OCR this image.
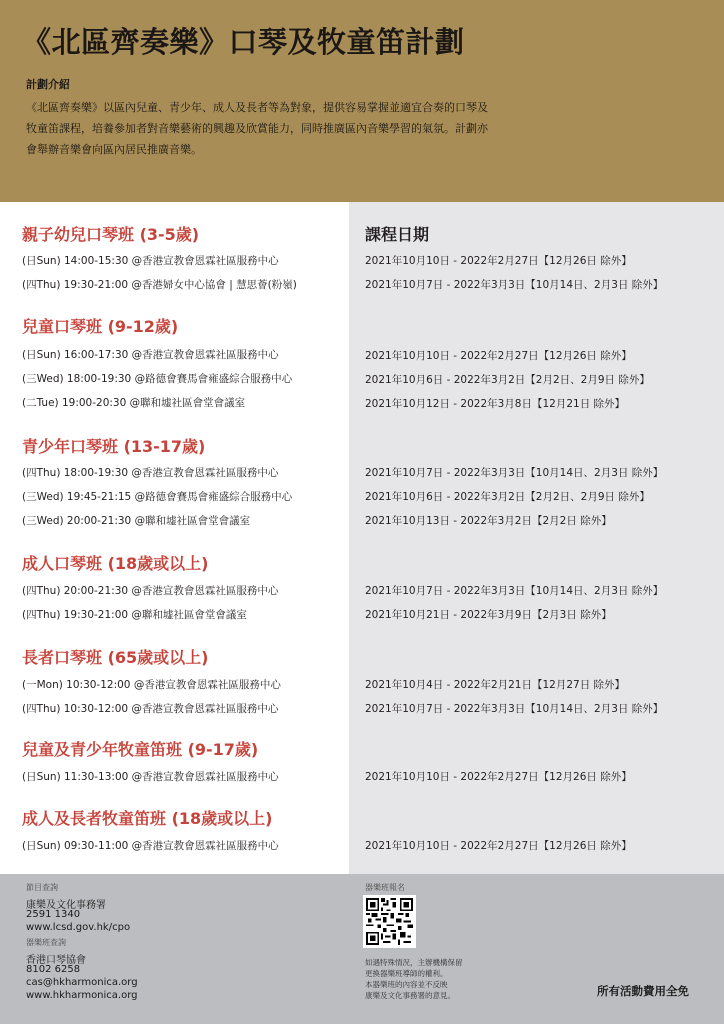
《北區齊奏樂》口琴及牧童笛計劃
計劃介紹
《北區齊奏樂》以區內兒童、青少年、成人及長者等為對象，提供容易掌握並適宜合奏的口琴及牧童笛課程，培養參加者對音樂藝術的興趣及欣賞能力，同時推廣區內音樂學習的氣氛。計劃亦會舉辦音樂會向區內居民推廣音樂。
課程日期
親子幼兒口琴班 (3-5歲)
(日Sun) 14:00-15:30 @香港宣教會恩霖社區服務中心	2021年10月10日 - 2022年2月27日【12月26日 除外】
(四Thu) 19:30-21:00 @香港婦女中心協會 | 慧思薈(粉嶺)	2021年10月7日 - 2022年3月3日【10月14日、2月3日 除外】
兒童口琴班 (9-12歲)
(日Sun) 16:00-17:30 @香港宣教會恩霖社區服務中心	2021年10月10日 - 2022年2月27日【12月26日 除外】
(三Wed) 18:00-19:30 @路德會賽馬會雍盛綜合服務中心	2021年10月6日 - 2022年3月2日【2月2日、2月9日 除外】
(二Tue) 19:00-20:30 @聯和墟社區會堂會議室	2021年10月12日 - 2022年3月8日【12月21日 除外】
青少年口琴班 (13-17歲)
(四Thu) 18:00-19:30 @香港宣教會恩霖社區服務中心	2021年10月7日 - 2022年3月3日【10月14日、2月3日 除外】
(三Wed) 19:45-21:15 @路德會賽馬會雍盛綜合服務中心	2021年10月6日 - 2022年3月2日【2月2日、2月9日 除外】
(三Wed) 20:00-21:30 @聯和墟社區會堂會議室	2021年10月13日 - 2022年3月2日【2月2日 除外】
成人口琴班 (18歲或以上)
(四Thu) 20:00-21:30 @香港宣教會恩霖社區服務中心	2021年10月7日 - 2022年3月3日【10月14日、2月3日 除外】
(四Thu) 19:30-21:00 @聯和墟社區會堂會議室	2021年10月21日 - 2022年3月9日【2月3日 除外】
長者口琴班 (65歲或以上)
(一Mon) 10:30-12:00 @香港宣教會恩霖社區服務中心	2021年10月4日 - 2022年2月21日【12月27日 除外】
(四Thu) 10:30-12:00 @香港宣教會恩霖社區服務中心	2021年10月7日 - 2022年3月3日【10月14日、2月3日 除外】
兒童及青少年牧童笛班 (9-17歲)
(日Sun) 11:30-13:00 @香港宣教會恩霖社區服務中心	2021年10月10日 - 2022年2月27日【12月26日 除外】
成人及長者牧童笛班 (18歲或以上)
(日Sun) 09:30-11:00 @香港宣教會恩霖社區服務中心	2021年10月10日 - 2022年2月27日【12月26日 除外】
節目查詢
康樂及文化事務署
2591 1340
www.lcsd.gov.hk/cpo
器樂班查詢
香港口琴協會
8102 6258
cas@hkharmonica.org
www.hkharmonica.org
器樂班報名
如遇特殊情況，主辦機構保留
更換器樂班導師的權利。
本器樂班的內容並不反映
康樂及文化事務署的意見。	所有活動費用全免
